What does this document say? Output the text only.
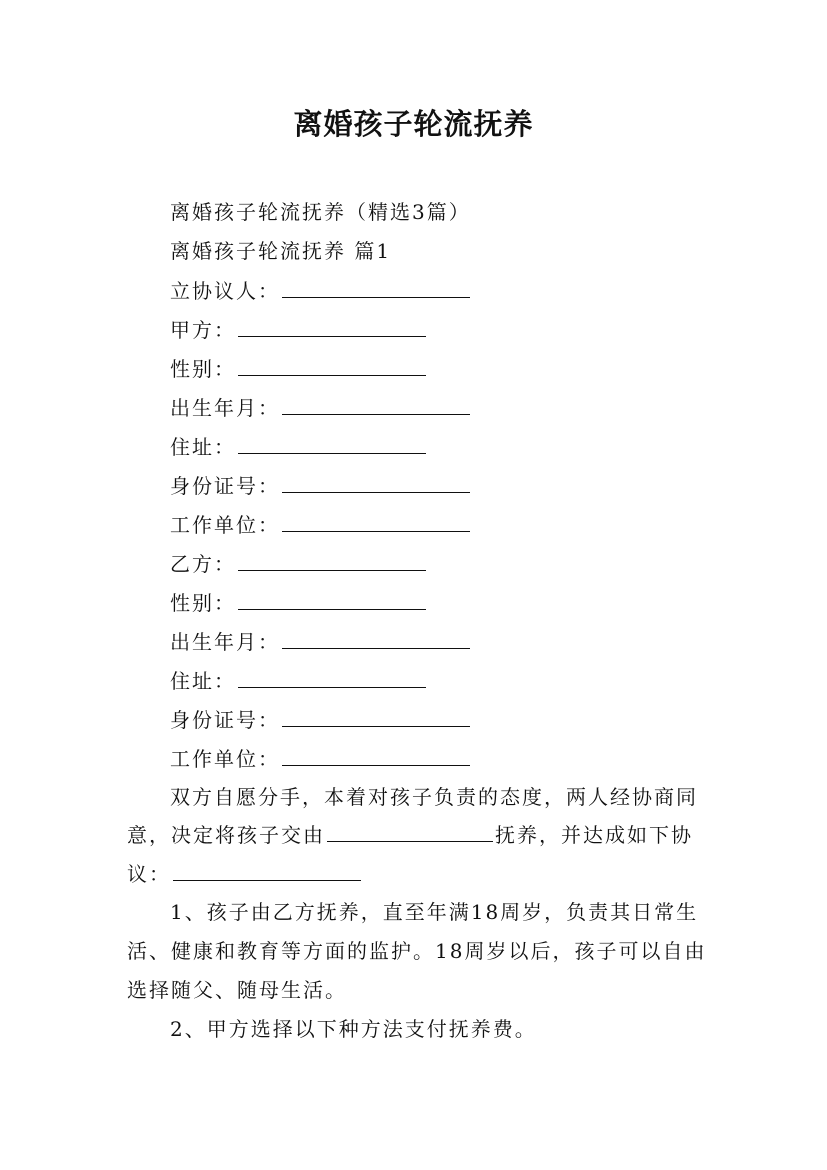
离婚孩子轮流抚养
离婚孩子轮流抚养（精选3篇）
离婚孩子轮流抚养 篇1
立协议人：
甲方：
性别：
出生年月：
住址：
身份证号：
工作单位：
乙方：
性别：
出生年月：
住址：
身份证号：
工作单位：
双方自愿分手，本着对孩子负责的态度，两人经协商同
意，决定将孩子交由	抚养，并达成如下协
议：
1、孩子由乙方抚养，直至年满18周岁，负责其日常生
活、健康和教育等方面的监护。18周岁以后，孩子可以自由
选择随父、随母生活。
2、甲方选择以下种方法支付抚养费。
